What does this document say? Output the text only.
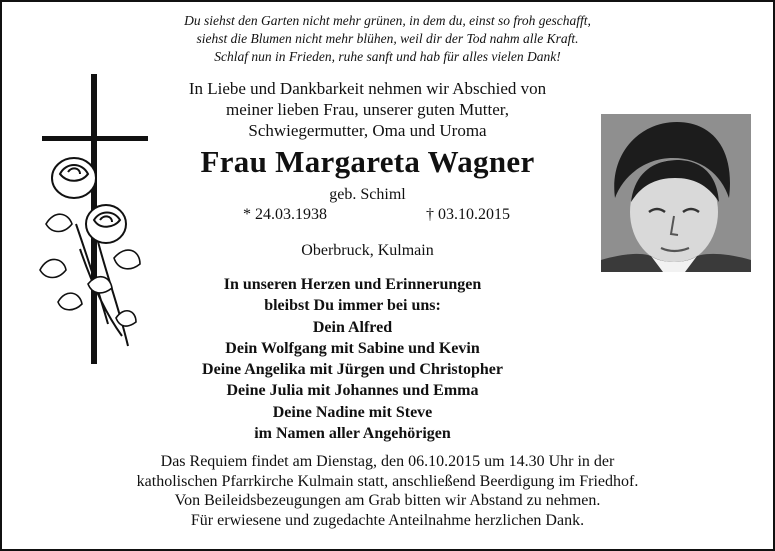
Du siehst den Garten nicht mehr grünen, in dem du, einst so froh geschafft,
siehst die Blumen nicht mehr blühen, weil dir der Tod nahm alle Kraft.
Schlaf nun in Frieden, ruhe sanft und hab für alles vielen Dank!
In Liebe und Dankbarkeit nehmen wir Abschied von
meiner lieben Frau, unserer guten Mutter,
Schwiegermutter, Oma und Uroma
Frau Margareta Wagner
geb. Schiml
* 24.03.1938	† 03.10.2015
Oberbruck, Kulmain
In unseren Herzen und Erinnerungen
bleibst Du immer bei uns:
Dein Alfred
Dein Wolfgang mit Sabine und Kevin
Deine Angelika mit Jürgen und Christopher
Deine Julia mit Johannes und Emma
Deine Nadine mit Steve
im Namen aller Angehörigen
Das Requiem findet am Dienstag, den 06.10.2015 um 14.30 Uhr in der
katholischen Pfarrkirche Kulmain statt, anschließend Beerdigung im Friedhof.
Von Beileidsbezeugungen am Grab bitten wir Abstand zu nehmen.
Für erwiesene und zugedachte Anteilnahme herzlichen Dank.
